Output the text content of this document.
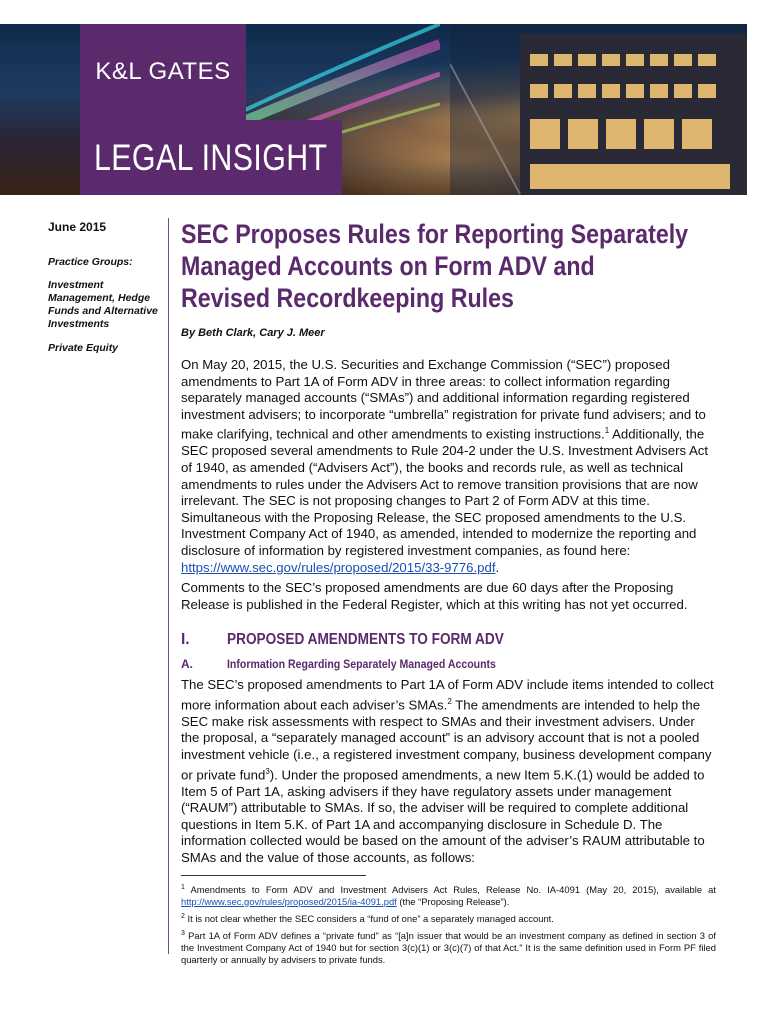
K&L GATES
LEGAL INSIGHT
June 2015
Practice Groups:
Investment Management, Hedge Funds and Alternative Investments
Private Equity
SEC Proposes Rules for Reporting Separately Managed Accounts on Form ADV and Revised Recordkeeping Rules
By Beth Clark, Cary J. Meer

On May 20, 2015, the U.S. Securities and Exchange Commission (“SEC”) proposed amendments to Part 1A of Form ADV in three areas: to collect information regarding separately managed accounts (“SMAs”) and additional information regarding registered investment advisers; to incorporate “umbrella” registration for private fund advisers; and to make clarifying, technical and other amendments to existing instructions.$^1$ Additionally, the SEC proposed several amendments to Rule 204-2 under the U.S. Investment Advisers Act of 1940, as amended (“Advisers Act”), the books and records rule, as well as technical amendments to rules under the Advisers Act to remove transition provisions that are now irrelevant. The SEC is not proposing changes to Part 2 of Form ADV at this time. Simultaneous with the Proposing Release, the SEC proposed amendments to the U.S. Investment Company Act of 1940, as amended, intended to modernize the reporting and disclosure of information by registered investment companies, as found here: https://www.sec.gov/rules/proposed/2015/33-9776.pdf.

Comments to the SEC’s proposed amendments are due 60 days after the Proposing Release is published in the Federal Register, which at this writing has not yet occurred.

I.	PROPOSED AMENDMENTS TO FORM ADV
A.	Information Regarding Separately Managed Accounts

The SEC’s proposed amendments to Part 1A of Form ADV include items intended to collect more information about each adviser’s SMAs.$^2$ The amendments are intended to help the SEC make risk assessments with respect to SMAs and their investment advisers. Under the proposal, a “separately managed account” is an advisory account that is not a pooled investment vehicle (i.e., a registered investment company, business development company or private fund$^3$). Under the proposed amendments, a new Item 5.K.(1) would be added to Item 5 of Part 1A, asking advisers if they have regulatory assets under management (“RAUM”) attributable to SMAs. If so, the adviser will be required to complete additional questions in Item 5.K. of Part 1A and accompanying disclosure in Schedule D. The information collected would be based on the amount of the adviser’s RAUM attributable to SMAs and the value of those accounts, as follows:

$^1$ Amendments to Form ADV and Investment Advisers Act Rules, Release No. IA-4091 (May 20, 2015), available at http://www.sec.gov/rules/proposed/2015/ia-4091.pdf (the “Proposing Release”).

$^2$ It is not clear whether the SEC considers a “fund of one” a separately managed account.

$^3$ Part 1A of Form ADV defines a “private fund” as “[a]n issuer that would be an investment company as defined in section 3 of the Investment Company Act of 1940 but for section 3(c)(1) or 3(c)(7) of that Act.” It is the same definition used in Form PF filed quarterly or annually by advisers to private funds.
